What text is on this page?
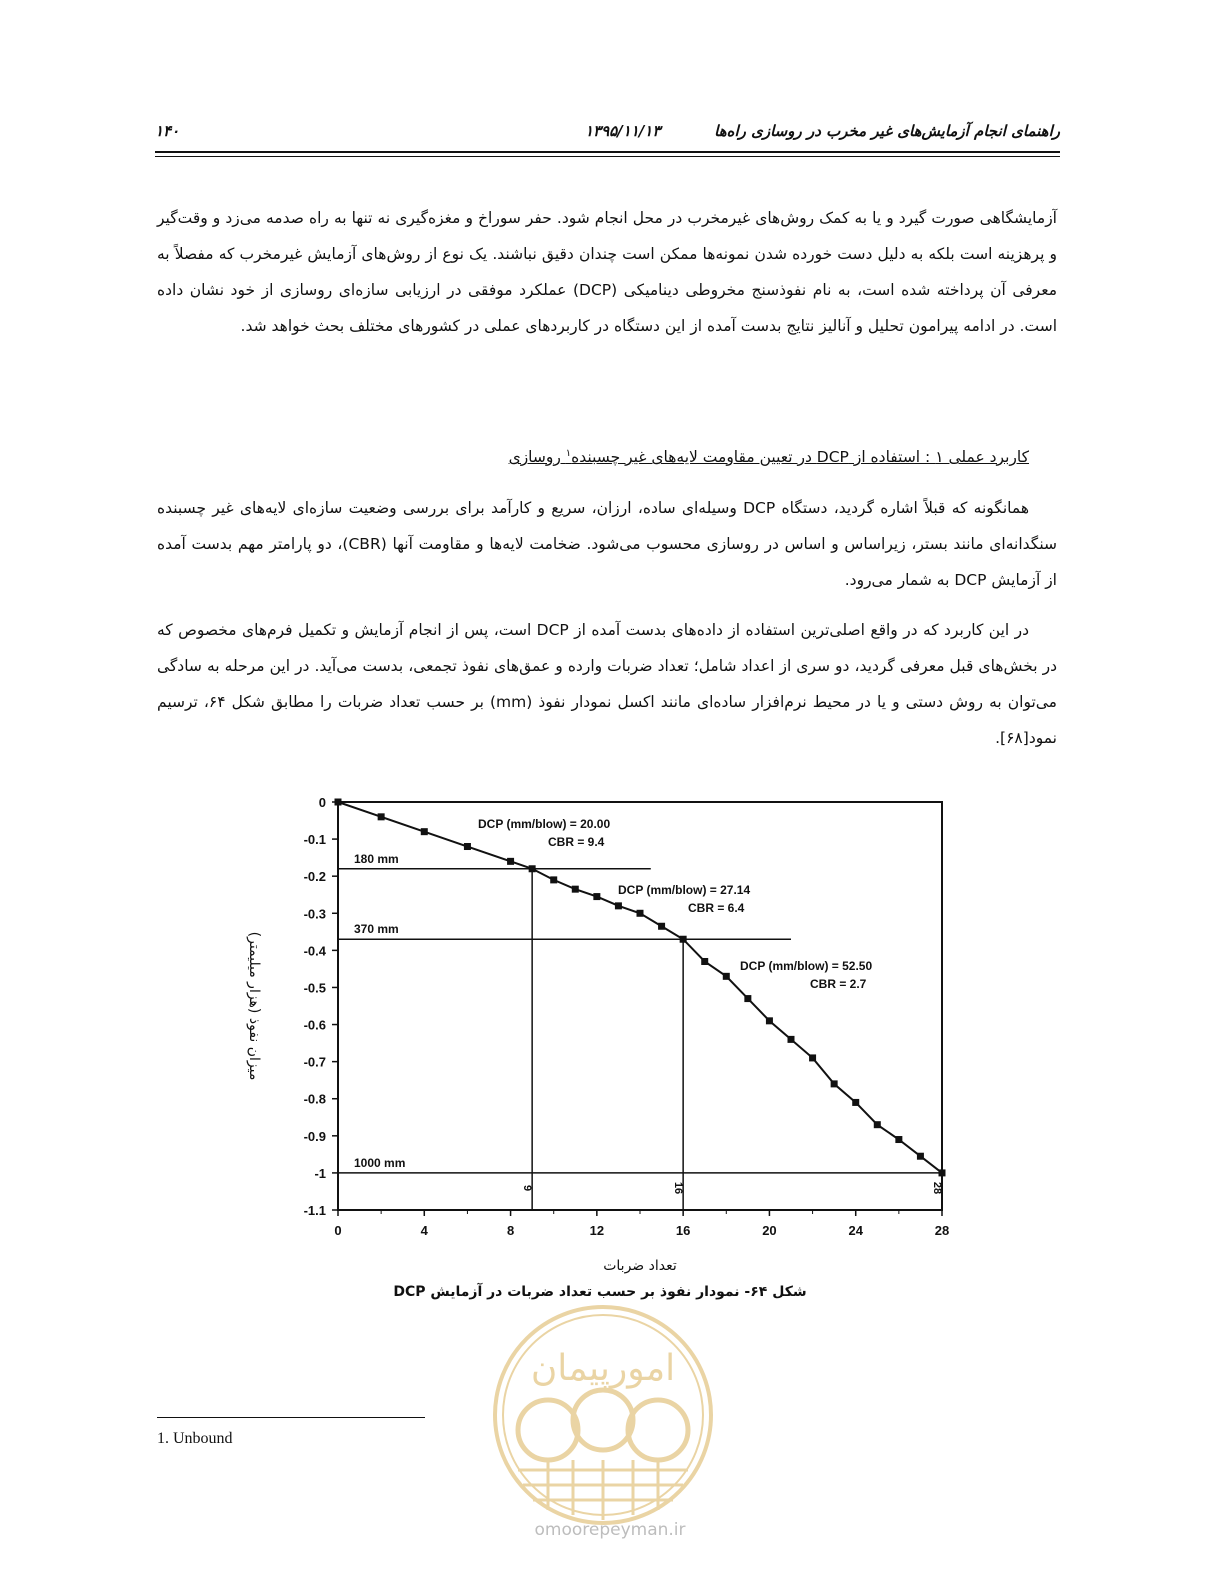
۱۴۰	۱۳۹۵/۱۱/۱۳	راهنمای انجام آزمایش‌های غیر مخرب در روسازی راه‌ها

آزمایشگاهی صورت گیرد و یا به کمک روش‌های غیرمخرب در محل انجام شود. حفر سوراخ و مغزه‌گیری نه تنها به راه صدمه می‌زد و وقت‌گیر و پرهزینه است بلکه به دلیل دست خورده شدن نمونه‌ها ممکن است چندان دقیق نباشند. یک نوع از روش‌های آزمایش غیرمخرب که مفصلاً به معرفی آن پرداخته شده است، به نام نفوذسنج مخروطی دینامیکی (DCP) عملکرد موفقی در ارزیابی سازه‌ای روسازی از خود نشان داده است. در ادامه پیرامون تحلیل و آنالیز نتایج بدست آمده از این دستگاه در کاربردهای عملی در کشورهای مختلف بحث خواهد شد.

کاربرد عملی ۱ : استفاده از DCP در تعیین مقاومت لایه‌های غیر چسبنده$^۱$ روسازی

همانگونه که قبلاً اشاره گردید، دستگاه DCP وسیله‌ای ساده، ارزان، سریع و کارآمد برای بررسی وضعیت سازه‌ای لایه‌های غیر چسبنده سنگدانه‌ای مانند بستر، زیراساس و اساس در روسازی محسوب می‌شود. ضخامت لایه‌ها و مقاومت آنها (CBR)، دو پارامتر مهم بدست آمده از آزمایش DCP به شمار می‌رود.

در این کاربرد که در واقع اصلی‌ترین استفاده از داده‌های بدست آمده از DCP است، پس از انجام آزمایش و تکمیل فرم‌های مخصوص که در بخش‌های قبل معرفی گردید، دو سری از اعداد شامل؛ تعداد ضربات وارده و عمق‌های نفوذ تجمعی، بدست می‌آید. در این مرحله به سادگی می‌توان به روش دستی و یا در محیط نرم‌افزار ساده‌ای مانند اکسل نمودار نفوذ (mm) بر حسب تعداد ضربات را مطابق شکل ۶۴، ترسیم نمود[۶۸].

0
-0.1
-0.2
-0.3
-0.4
-0.5
-0.6
-0.7
-0.8
-0.9
-1
-1.1
0	4	8	12	16	20	24	28
تعداد ضربات
میزان نفوذ (هزار میلیمتر)
180 mm
9
370 mm
16
1000 mm
28
DCP (mm/blow) = 20.00
CBR = 9.4
DCP (mm/blow) = 27.14
CBR = 6.4
DCP (mm/blow) = 52.50
CBR = 2.7
شکل ۶۴- نمودار نفوذ بر حسب تعداد ضربات در آزمایش DCP
1. Unbound
امورپیمان
omoorepeyman.ir
